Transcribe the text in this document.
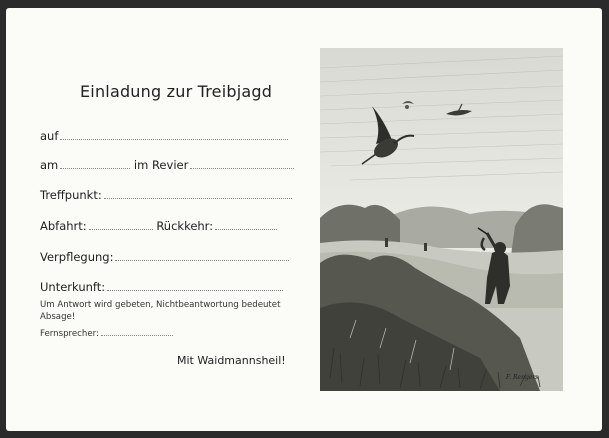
Einladung zur Treibjagd
auf
am	im Revier
Treffpunkt:
Abfahrt:	Rückkehr:
Verpflegung:
Unterkunft:
Um Antwort wird gebeten, Nichtbeantwortung bedeutet
Absage!
Fernsprecher:
Mit Waidmannsheil!
F. Rengers
